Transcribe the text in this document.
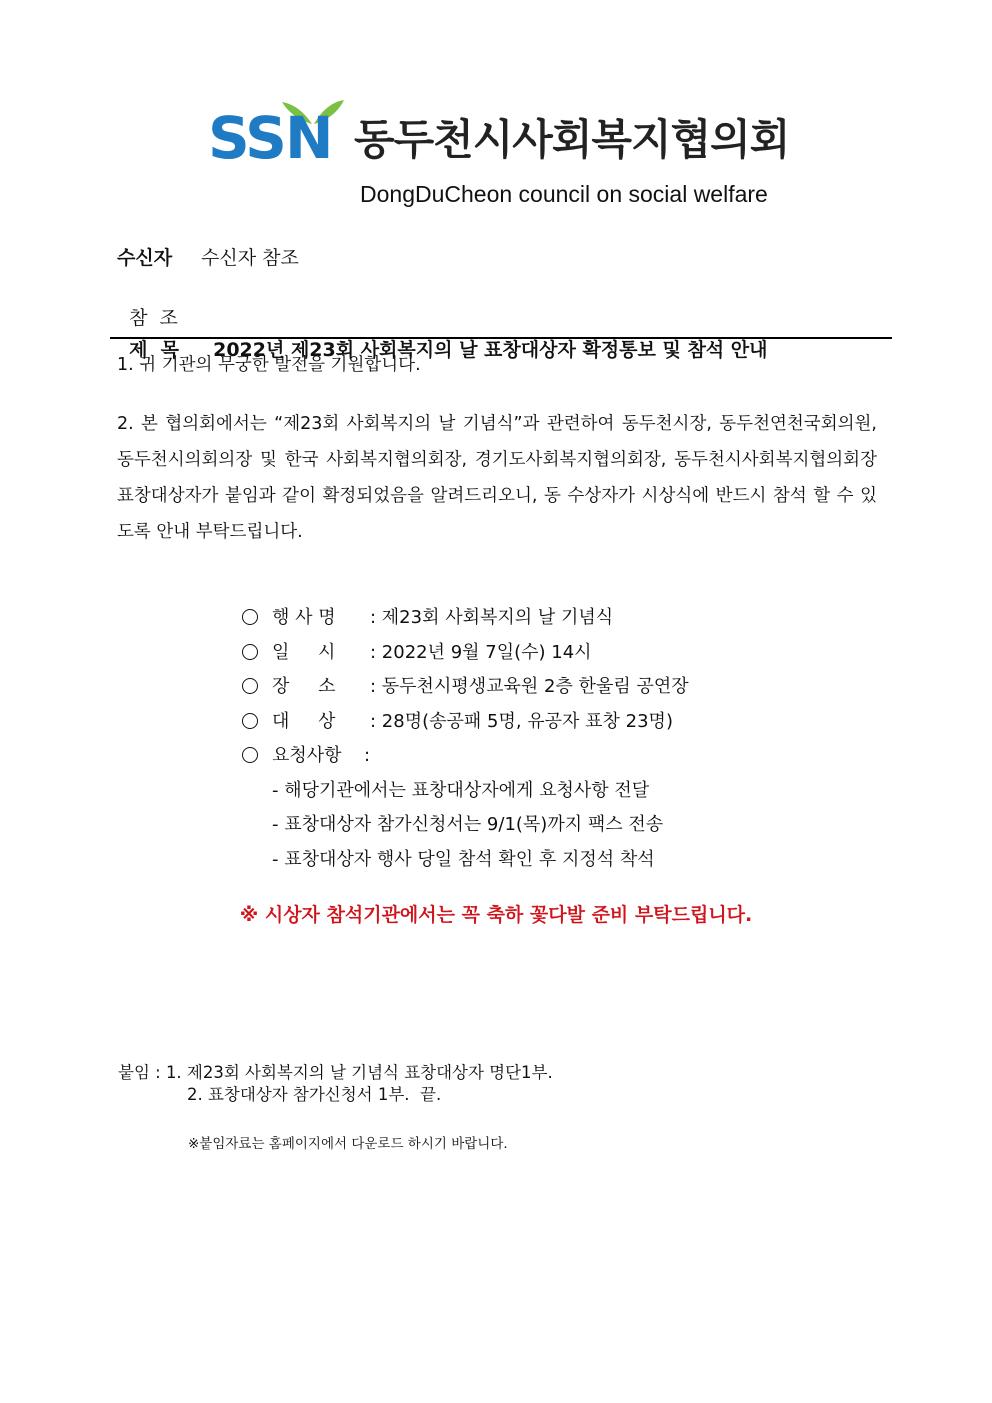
SSN 동두천시사회복지협의회
DongDuCheon council on social welfare
수신자 수신자 참조

참  조

제  목 2022년 제23회 사회복지의 날 표창대상자 확정통보 및 참석 안내

1. 귀 기관의 무궁한 발전을 기원합니다.
2. 본 협의회에서는 “제23회 사회복지의 날 기념식”과 관련하여 동두천시장, 동두천연천국회의원, 동두천시의회의장 및 한국 사회복지협의회장, 경기도사회복지협의회장, 동두천시사회복지협의회장 표창대상자가 붙임과 같이 확정되었음을 알려드리오니, 동 수상자가 시상식에 반드시 참석 할 수 있도록 안내 부탁드립니다.
행 사 명 : 제23회 사회복지의 날 기념식
일     시 : 2022년 9월 7일(수) 14시
장     소 : 동두천시평생교육원 2층 한울림 공연장
대     상 : 28명(송공패 5명, 유공자 표창 23명)
요청사항 :
- 해당기관에서는 표창대상자에게 요청사항 전달
- 표창대상자 참가신청서는 9/1(목)까지 팩스 전송
- 표창대상자 행사 당일 참석 확인 후 지정석 착석
※ 시상자 참석기관에서는 꼭 축하 꽃다발 준비 부탁드립니다.
붙임 : 1. 제23회 사회복지의 날 기념식 표창대상자 명단1부.
2. 표창대상자 참가신청서 1부.  끝.
※붙임자료는 홈페이지에서 다운로드 하시기 바랍니다.
